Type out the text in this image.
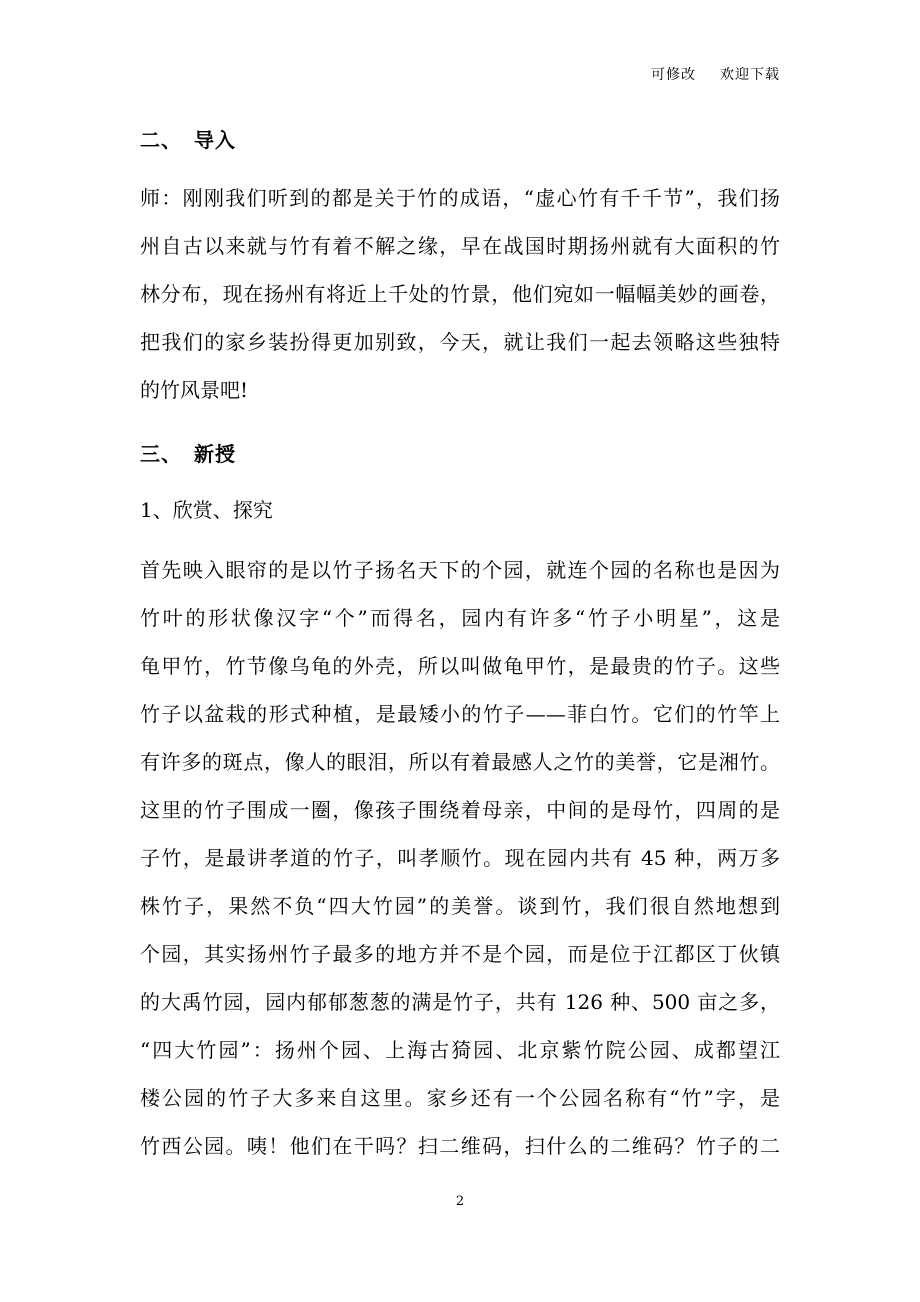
可修改 欢迎下载
二、 导入
师：刚刚我们听到的都是关于竹的成语，“虚心竹有千千节”，我们扬
州自古以来就与竹有着不解之缘，早在战国时期扬州就有大面积的竹
林分布，现在扬州有将近上千处的竹景，他们宛如一幅幅美妙的画卷，
把我们的家乡装扮得更加别致，今天，就让我们一起去领略这些独特
的竹风景吧!
三、 新授
1、欣赏、探究
首先映入眼帘的是以竹子扬名天下的个园，就连个园的名称也是因为
竹叶的形状像汉字“个”而得名，园内有许多“竹子小明星”，这是
龟甲竹，竹节像乌龟的外壳，所以叫做龟甲竹，是最贵的竹子。这些
竹子以盆栽的形式种植，是最矮小的竹子——菲白竹。它们的竹竿上
有许多的斑点，像人的眼泪，所以有着最感人之竹的美誉，它是湘竹。
这里的竹子围成一圈，像孩子围绕着母亲，中间的是母竹，四周的是
子竹，是最讲孝道的竹子，叫孝顺竹。现在园内共有 45 种，两万多
株竹子，果然不负“四大竹园”的美誉。谈到竹，我们很自然地想到
个园，其实扬州竹子最多的地方并不是个园，而是位于江都区丁伙镇
的大禹竹园，园内郁郁葱葱的满是竹子，共有 126 种、500 亩之多，
“四大竹园”：扬州个园、上海古猗园、北京紫竹院公园、成都望江
楼公园的竹子大多来自这里。家乡还有一个公园名称有“竹”字，是
竹西公园。咦！他们在干吗？扫二维码，扫什么的二维码？竹子的二
2
